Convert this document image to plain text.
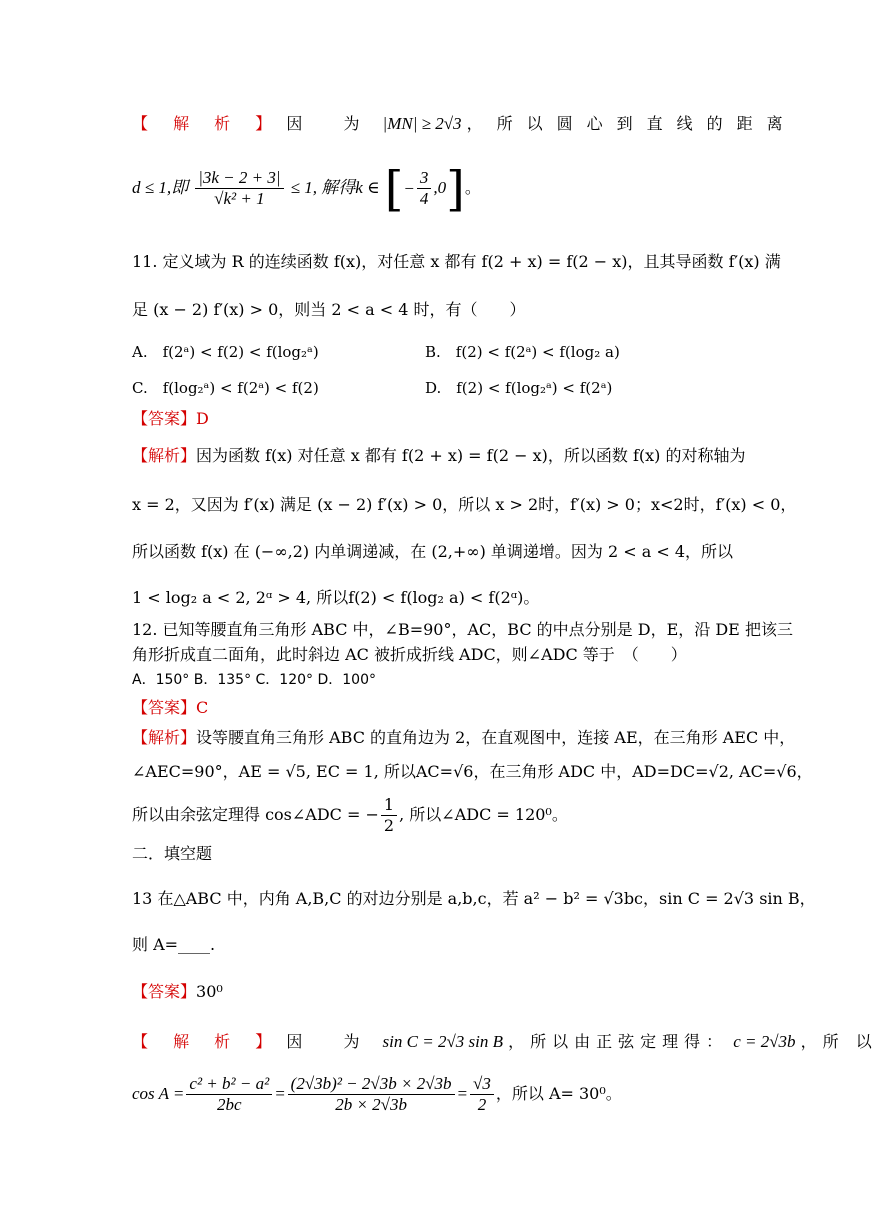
【 解 析 】 因 为 |MN| ≥ 2√3 ，所以圆心到直线的距离
d ≤ 1,即 $\frac{|3k - 2 + 3|}{\text{√k² + 1}} \le 1$, 解得k ∈ [− $\frac{3}{4} ,0$]。
11. 定义域为 R 的连续函数 f(x)，对任意 x 都有 f(2 + x) = f(2 − x)，且其导函数 f′(x) 满
足 (x − 2) f′(x) > 0，则当 2 < a < 4 时，有（　　）
A.　f(2ᵃ) < f(2) < f(log₂ᵃ)	B.　f(2) < f(2ᵃ) < f(log₂ a)
C.　f(log₂ᵃ) < f(2ᵃ) < f(2)	D.　f(2) < f(log₂ᵃ) < f(2ᵃ)
【答案】D
【解析】因为函数 f(x) 对任意 x 都有 f(2 + x) = f(2 − x)，所以函数 f(x) 的对称轴为
x = 2，又因为 f′(x) 满足 (x − 2) f′(x) > 0，所以 x > 2时，f′(x) > 0；x<2时，f′(x) < 0，
所以函数 f(x) 在 (−∞,2) 内单调递减，在 (2,+∞) 单调递增。因为 2 < a < 4，所以
1 < log₂ a < 2, 2ᵅ > 4, 所以f(2) < f(log₂ a) < f(2ᵅ)。
12. 已知等腰直角三角形 ABC 中，∠B=90°，AC，BC 的中点分别是 D，E，沿 DE 把该三
角形折成直二面角，此时斜边 AC 被折成折线 ADC，则∠ADC 等于　（　　）
A．150° B．135° C．120° D．100°
【答案】C
【解析】设等腰直角三角形 ABC 的直角边为 2，在直观图中，连接 AE，在三角形 AEC 中，
∠AEC=90°，AE = √5, EC = 1, 所以AC=√6，在三角形 ADC 中，AD=DC=√2, AC=√6，
所以由余弦定理得 cos∠ADC = − $\frac{1}{2}$ , 所以∠ADC = 120⁰。
二．填空题
13 在△ABC 中，内角 A,B,C 的对边分别是 a,b,c，若 a² − b² = √3bc，sin C = 2√3 sin B，
则 A=____.
【答案】30⁰
【 解 析 】 因 为 sin C = 2√3 sin B ，所以由正弦定理得： c = 2√3b ，所 以
$\cos A = \frac{\text{c² + b² − a²}}{2bc} = \frac{\text{(2√3b)² − 2√3b × 2√3b}}{2b \times 2√3b} = \frac{√3}{2}$ ，所以 A= 30⁰。
